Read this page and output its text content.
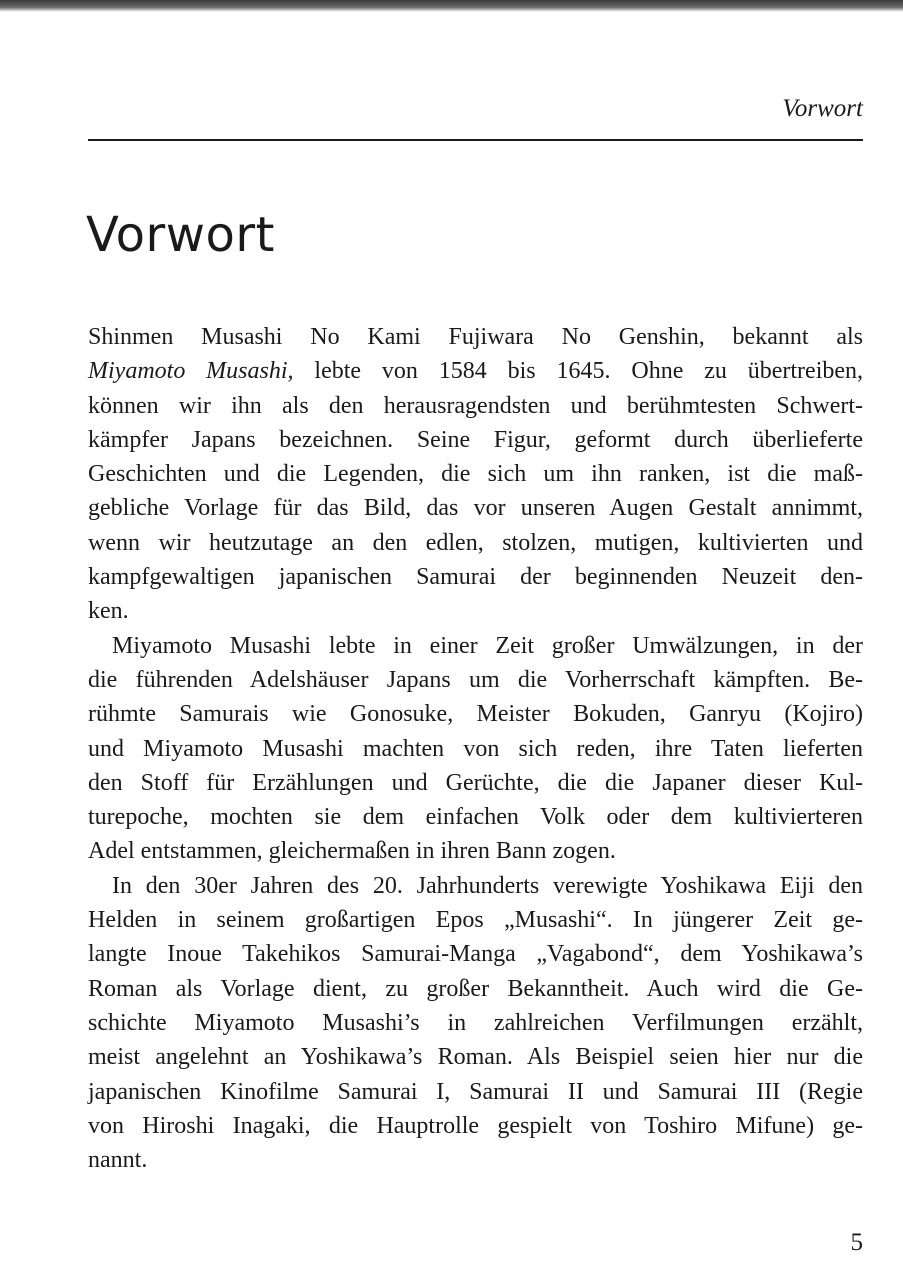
Vorwort
Vorwort
Shinmen Musashi No Kami Fujiwara No Genshin, bekannt als
Miyamoto Musashi, lebte von 1584 bis 1645. Ohne zu übertreiben,
können wir ihn als den herausragendsten und berühmtesten Schwert-
kämpfer Japans bezeichnen. Seine Figur, geformt durch überlieferte
Geschichten und die Legenden, die sich um ihn ranken, ist die maß-
gebliche Vorlage für das Bild, das vor unseren Augen Gestalt annimmt,
wenn wir heutzutage an den edlen, stolzen, mutigen, kultivierten und
kampfgewaltigen japanischen Samurai der beginnenden Neuzeit den-
ken.
Miyamoto Musashi lebte in einer Zeit großer Umwälzungen, in der
die führenden Adelshäuser Japans um die Vorherrschaft kämpften. Be-
rühmte Samurais wie Gonosuke, Meister Bokuden, Ganryu (Kojiro)
und Miyamoto Musashi machten von sich reden, ihre Taten lieferten
den Stoff für Erzählungen und Gerüchte, die die Japaner dieser Kul-
turepoche, mochten sie dem einfachen Volk oder dem kultivierteren
Adel entstammen, gleichermaßen in ihren Bann zogen.
In den 30er Jahren des 20. Jahrhunderts verewigte Yoshikawa Eiji den
Helden in seinem großartigen Epos „Musashi“. In jüngerer Zeit ge-
langte Inoue Takehikos Samurai-Manga „Vagabond“, dem Yoshikawa’s
Roman als Vorlage dient, zu großer Bekanntheit. Auch wird die Ge-
schichte Miyamoto Musashi’s in zahlreichen Verfilmungen erzählt,
meist angelehnt an Yoshikawa’s Roman. Als Beispiel seien hier nur die
japanischen Kinofilme Samurai I, Samurai II und Samurai III (Regie
von Hiroshi Inagaki, die Hauptrolle gespielt von Toshiro Mifune) ge-
nannt.
5
